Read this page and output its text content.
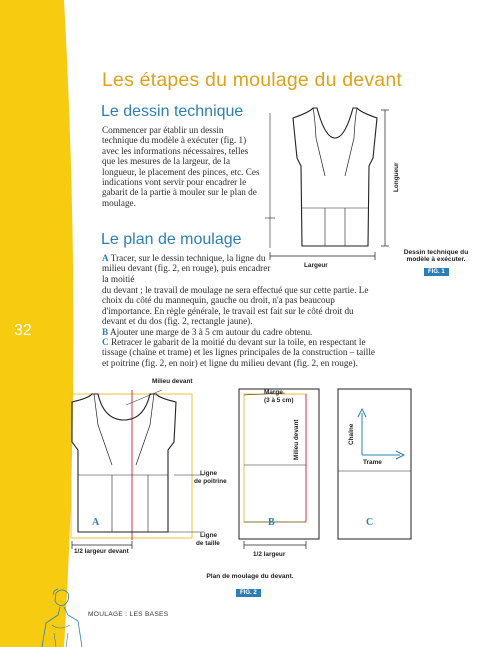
32
Les étapes du moulage du devant
Le dessin technique

Commencer par établir un dessin technique du modèle à exécuter (fig. 1) avec les informations nécessaires, telles que les mesures de la largeur, de la longueur, le placement des pinces, etc. Ces indications vont servir pour encadrer le gabarit de la partie à mouler sur le plan de moulage.

Le plan de moulage

A Tracer, sur le dessin technique, la ligne du milieu devant (fig. 2, en rouge), puis encadrer la moitié

du devant ; le travail de moulage ne sera effectué que sur cette partie. Le choix du côté du mannequin, gauche ou droit, n'a pas beaucoup d'importance. En règle générale, le travail est fait sur le côté droit du devant et du dos (fig. 2, rectangle jaune).
B Ajouter une marge de 3 à 5 cm autour du cadre obtenu.
C Retracer le gabarit de la moitié du devant sur la toile, en respectant le tissage (chaîne et trame) et les lignes principales de la construction – taille et poitrine (fig. 2, en noir) et ligne du milieu devant (fig. 2, en rouge).
Longueur
Largeur
Dessin technique du modèle à exécuter.
FIG. 1
Milieu devant
Ligne
de poitrine
Ligne
de taille
1/2 largeur devant
A
Marge
(3 à 5 cm)
Milieu devant
1/2 largeur
B
Chaîne
Trame
C
Plan de moulage du devant.
FIG. 2
MOULAGE : LES BASES
